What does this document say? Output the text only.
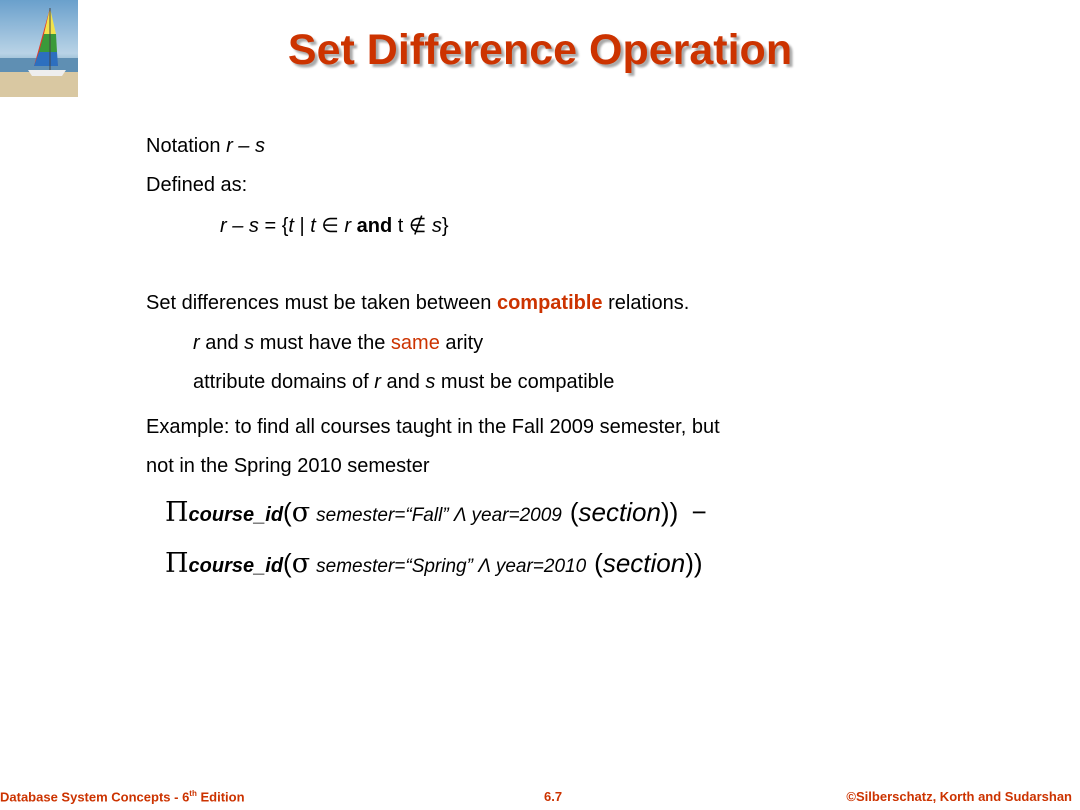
Set Difference Operation
Notation r – s
Defined as:
r – s = {t | t ∈ r and t ∉ s}
Set differences must be taken between compatible relations.
r and s must have the same arity
attribute domains of r and s must be compatible
Example: to find all courses taught in the Fall 2009 semester, but
not in the Spring 2010 semester
Πcourse_id(σ semester=“Fall” Λ year=2009 (section)) −
Πcourse_id(σ semester=“Spring” Λ year=2010 (section))
Database System Concepts - 6th Edition	6.7	©Silberschatz, Korth and Sudarshan
